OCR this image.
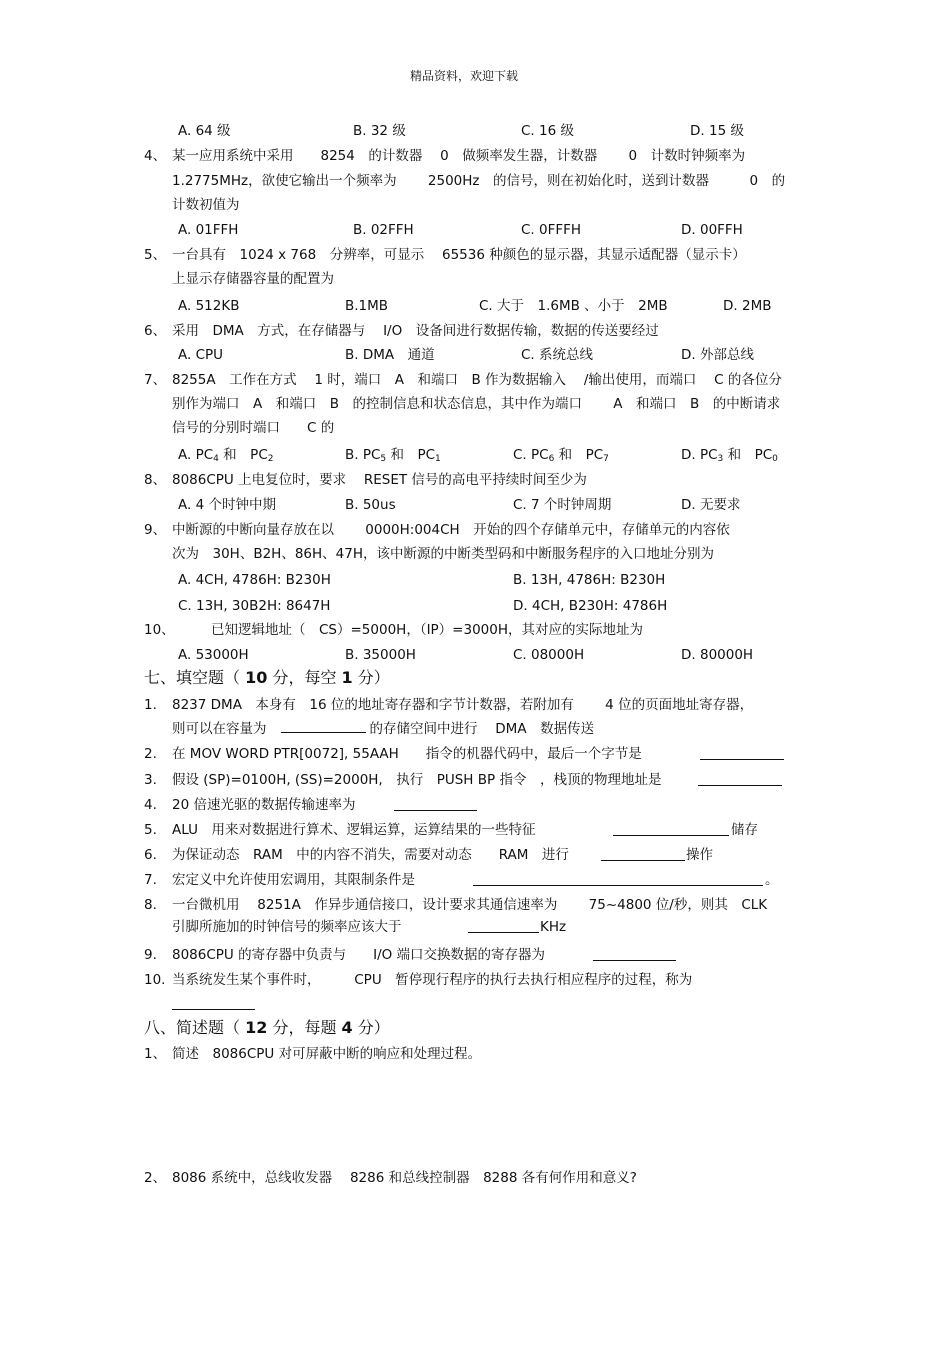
精品资料，欢迎下载
A. 64 级	B. 32 级	C. 16 级	D. 15 级
4、 某一应用系统中采用　　8254　的计数器　 0　做频率发生器，计数器　　 0　计数时钟频率为
1.2775MHz，欲使它输出一个频率为　　 2500Hz　的信号，则在初始化时，送到计数器　　　0　的
计数初值为
A. 01FFH	B. 02FFH	C. 0FFFH	D. 00FFH
5、 一台具有　1024 x 768　分辨率，可显示　 65536 种颜色的显示器，其显示适配器（显示卡）
上显示存储器容量的配置为
A. 512KB	B.1MB	C. 大于　1.6MB 、小于　2MB	D. 2MB
6、 采用　DMA　方式，在存储器与　 I/O　设备间进行数据传输，数据的传送要经过
A. CPU	B. DMA　通道	C. 系统总线	D. 外部总线
7、 8255A　工作在方式　 1 时，端口　A　和端口　B 作为数据输入　 /输出使用，而端口　 C 的各位分
别作为端口　A　和端口　B　的控制信息和状态信息，其中作为端口　　 A　和端口　B　的中断请求
信号的分别时端口　　C 的
A. $PC_4$ 和　$PC_2$	B. $PC_5$ 和　$PC_1$	C. $PC_6$ 和　$PC_7$	D. $PC_3$ 和　$PC_0$
8、 8086CPU 上电复位时，要求　 RESET 信号的高电平持续时间至少为
A. 4 个时钟中期	B. 50us	C. 7 个时钟周期	D. 无要求
9、 中断源的中断向量存放在以　　 0000H:004CH　开始的四个存储单元中，存储单元的内容依
次为　30H、B2H、86H、47H，该中断源的中断类型码和中断服务程序的入口地址分别为
A. 4CH, 4786H: B230H	B. 13H, 4786H: B230H
C. 13H, 30B2H: 8647H	D. 4CH, B230H: 4786H
10、	已知逻辑地址（　CS）=5000H，（IP）=3000H，其对应的实际地址为
A. 53000H	B. 35000H	C. 08000H	D. 80000H
七、填空题（ 10 分，每空 1 分）
1. 8237 DMA　本身有　16 位的地址寄存器和字节计数器，若附加有　　 4 位的页面地址寄存器，
则可以在容量为	的存储空间中进行　 DMA　数据传送
2. 在 MOV WORD PTR[0072], 55AAH　　指令的机器代码中，最后一个字节是
3. 假设 (SP)=0100H, (SS)=2000H,　执行　PUSH BP 指令　，栈顶的物理地址是
4. 20 倍速光驱的数据传输速率为
5. ALU　用来对数据进行算术、逻辑运算，运算结果的一些特征	储存
6. 为保证动态　RAM　中的内容不消失，需要对动态　　RAM　进行	操作
7. 宏定义中允许使用宏调用，其限制条件是	。
8. 一台微机用　 8251A　作异步通信接口，设计要求其通信速率为　　 75~4800 位/秒，则其　CLK
引脚所施加的时钟信号的频率应该大于	KHz
9. 8086CPU 的寄存器中负责与　　I/O 端口交换数据的寄存器为
10. 当系统发生某个事件时，　　　CPU　暂停现行程序的执行去执行相应程序的过程，称为
八、简述题（ 12 分，每题 4 分）
1、 简述　8086CPU 对可屏蔽中断的响应和处理过程。
2、 8086 系统中，总线收发器　 8286 和总线控制器　8288 各有何作用和意义?
